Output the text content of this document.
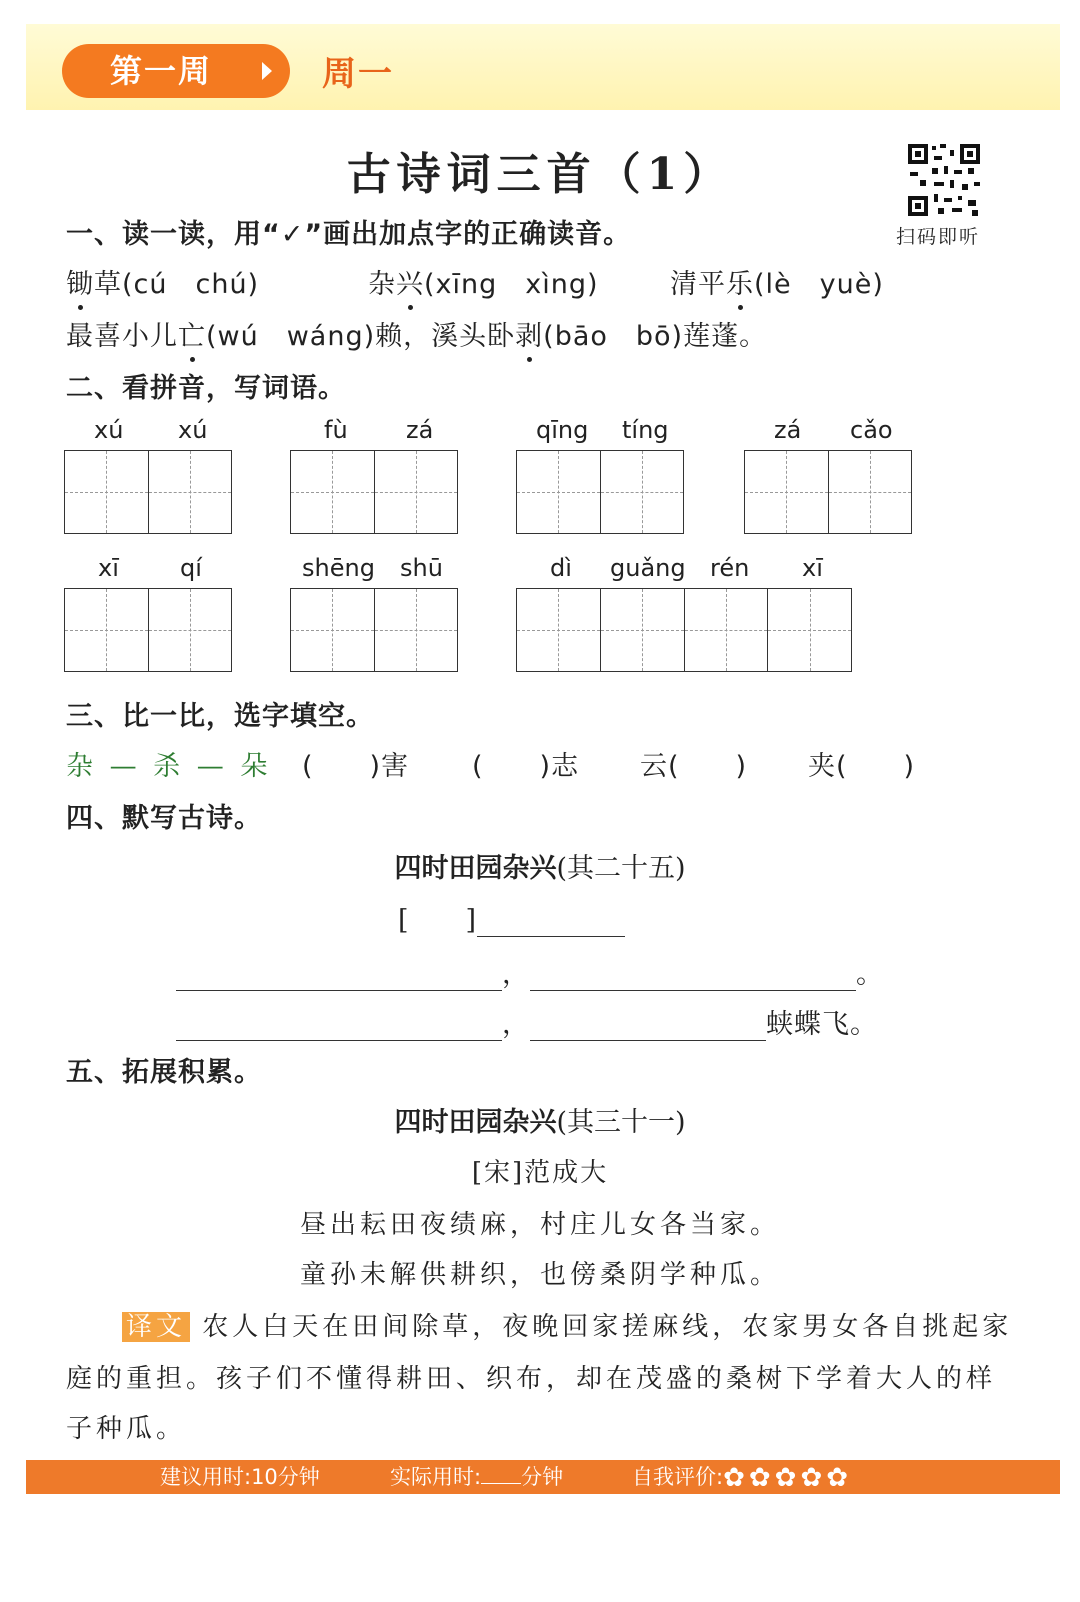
第一周	周一
古诗词三首（1）
扫码即听
一、读一读，用“✓”画出加点字的正确读音。
锄草(cú　chú)	杂兴(xīng　xìng)	清平乐(lè　yuè)
最喜小儿亡(wú　wáng)赖，溪头卧剥(bāo　bō)莲蓬。
二、看拼音，写词语。
xú xú	fù zá	qīng tíng	zá cǎo
xī	qí	shēng shū	dì guǎng rén xī
三、比一比，选字填空。
杂 — 杀 — 朵 (　　)害 (　　)志 云(　　) 夹(　　)
四、默写古诗。
四时田园杂兴(其二十五)
[　　]
，	。
，	蛱蝶飞。
五、拓展积累。
四时田园杂兴(其三十一)
[宋]范成大
昼出耘田夜绩麻，村庄儿女各当家。
童孙未解供耕织，也傍桑阴学种瓜。
译文 农人白天在田间除草，夜晚回家搓麻线，农家男女各自挑起家
庭的重担。孩子们不懂得耕田、织布，却在茂盛的桑树下学着大人的样
子种瓜。
建议用时:10分钟	实际用时: 分钟	自我评价:✿ ✿ ✿ ✿ ✿
